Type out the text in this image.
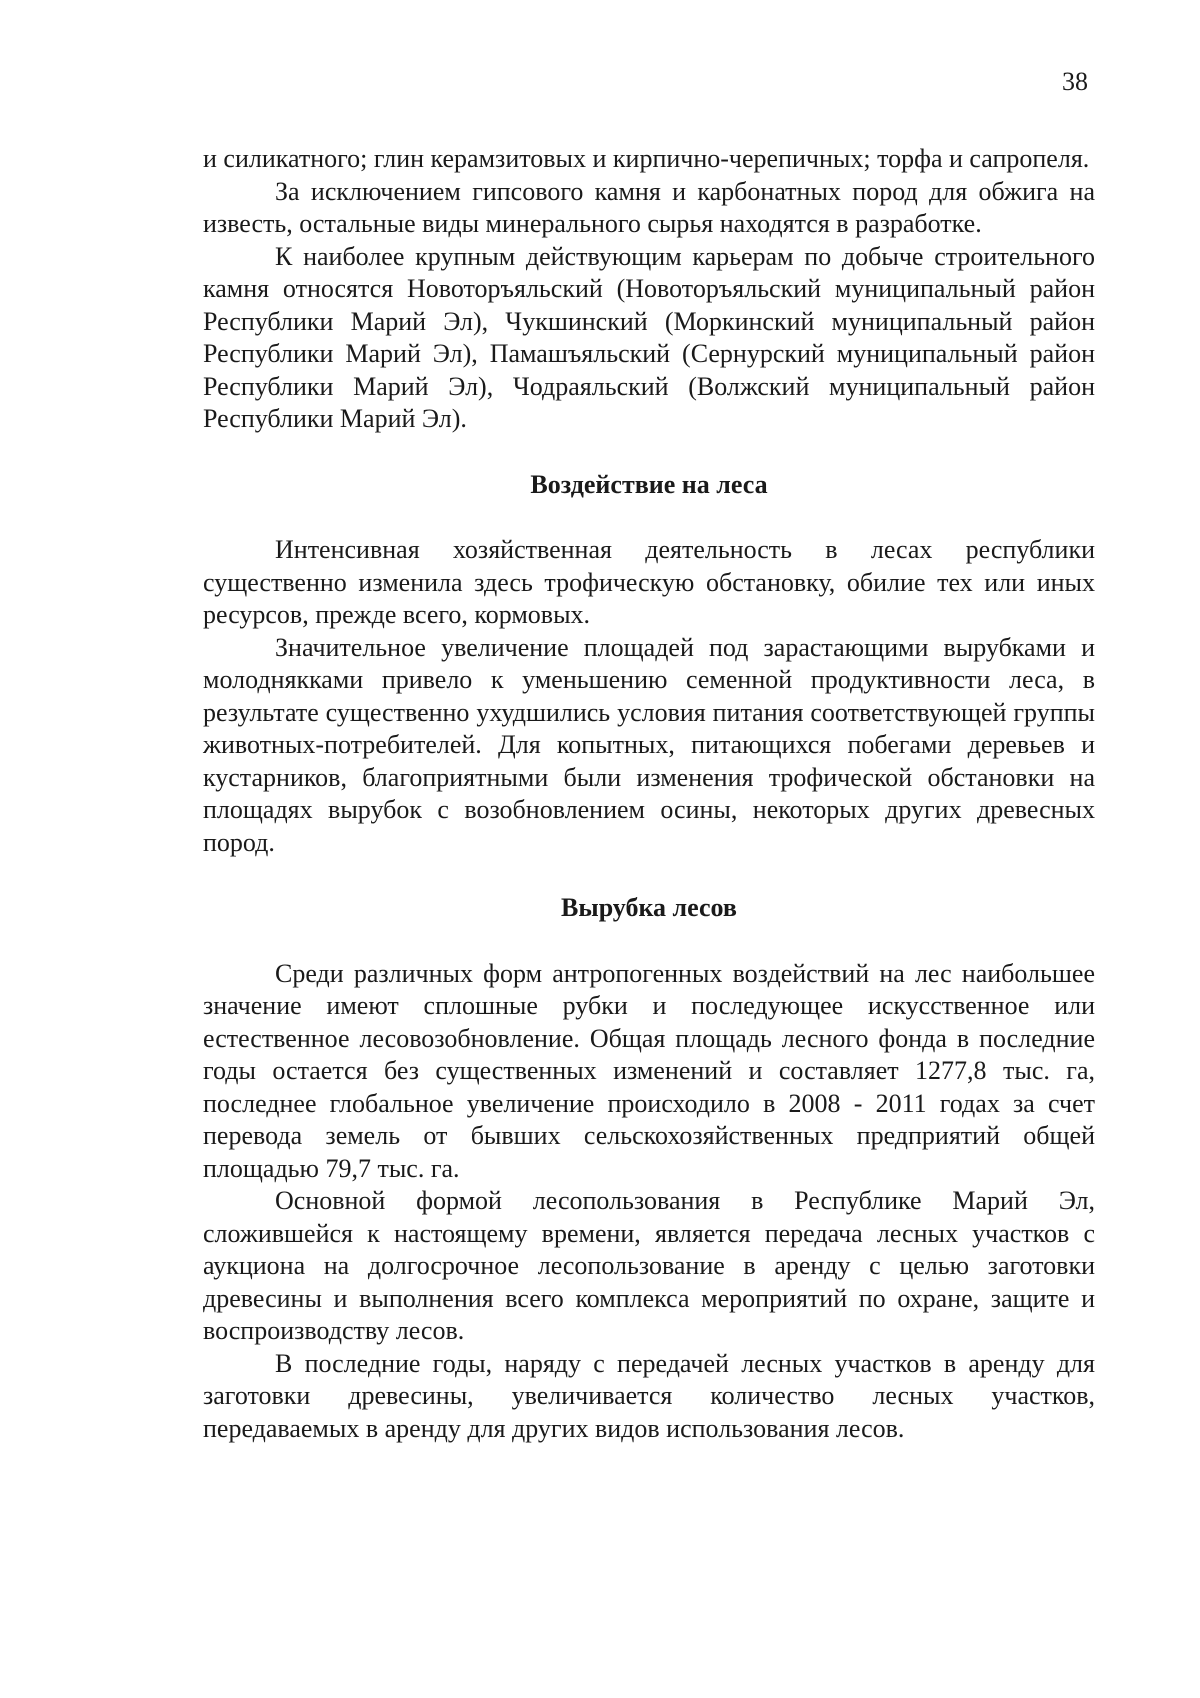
38

и силикатного; глин керамзитовых и кирпично-черепичных; торфа и сапропеля.

За исключением гипсового камня и карбонатных пород для обжига на известь, остальные виды минерального сырья находятся в разработке.

К наиболее крупным действующим карьерам по добыче строительного камня относятся Новоторъяльский (Новоторъяльский муниципальный район Республики Марий Эл), Чукшинский (Моркинский муниципальный район Республики Марий Эл), Памашъяльский (Сернурский муниципальный район Республики Марий Эл), Чодраяльский (Волжский муниципальный район Республики Марий Эл).

Воздействие на леса

Интенсивная хозяйственная деятельность в лесах республики существенно изменила здесь трофическую обстановку, обилие тех или иных ресурсов, прежде всего, кормовых.

Значительное увеличение площадей под зарастающими вырубками и молоднякками привело к уменьшению семенной продуктивности леса, в результате существенно ухудшились условия питания соответствующей группы животных-потребителей. Для копытных, питающихся побегами деревьев и кустарников, благоприятными были изменения трофической обстановки на площадях вырубок с возобновлением осины, некоторых других древесных пород.

Вырубка лесов

Среди различных форм антропогенных воздействий на лес наибольшее значение имеют сплошные рубки и последующее искусственное или естественное лесовозобновление. Общая площадь лесного фонда в последние годы остается без существенных изменений и составляет 1277,8 тыс. га, последнее глобальное увеличение происходило в 2008 - 2011 годах за счет перевода земель от бывших сельскохозяйственных предприятий общей площадью 79,7 тыс. га.

Основной формой лесопользования в Республике Марий Эл, сложившейся к настоящему времени, является передача лесных участков с аукциона на долгосрочное лесопользование в аренду с целью заготовки древесины и выполнения всего комплекса мероприятий по охране, защите и воспроизводству лесов.

В последние годы, наряду с передачей лесных участков в аренду для заготовки древесины, увеличивается количество лесных участков, передаваемых в аренду для других видов использования лесов.
